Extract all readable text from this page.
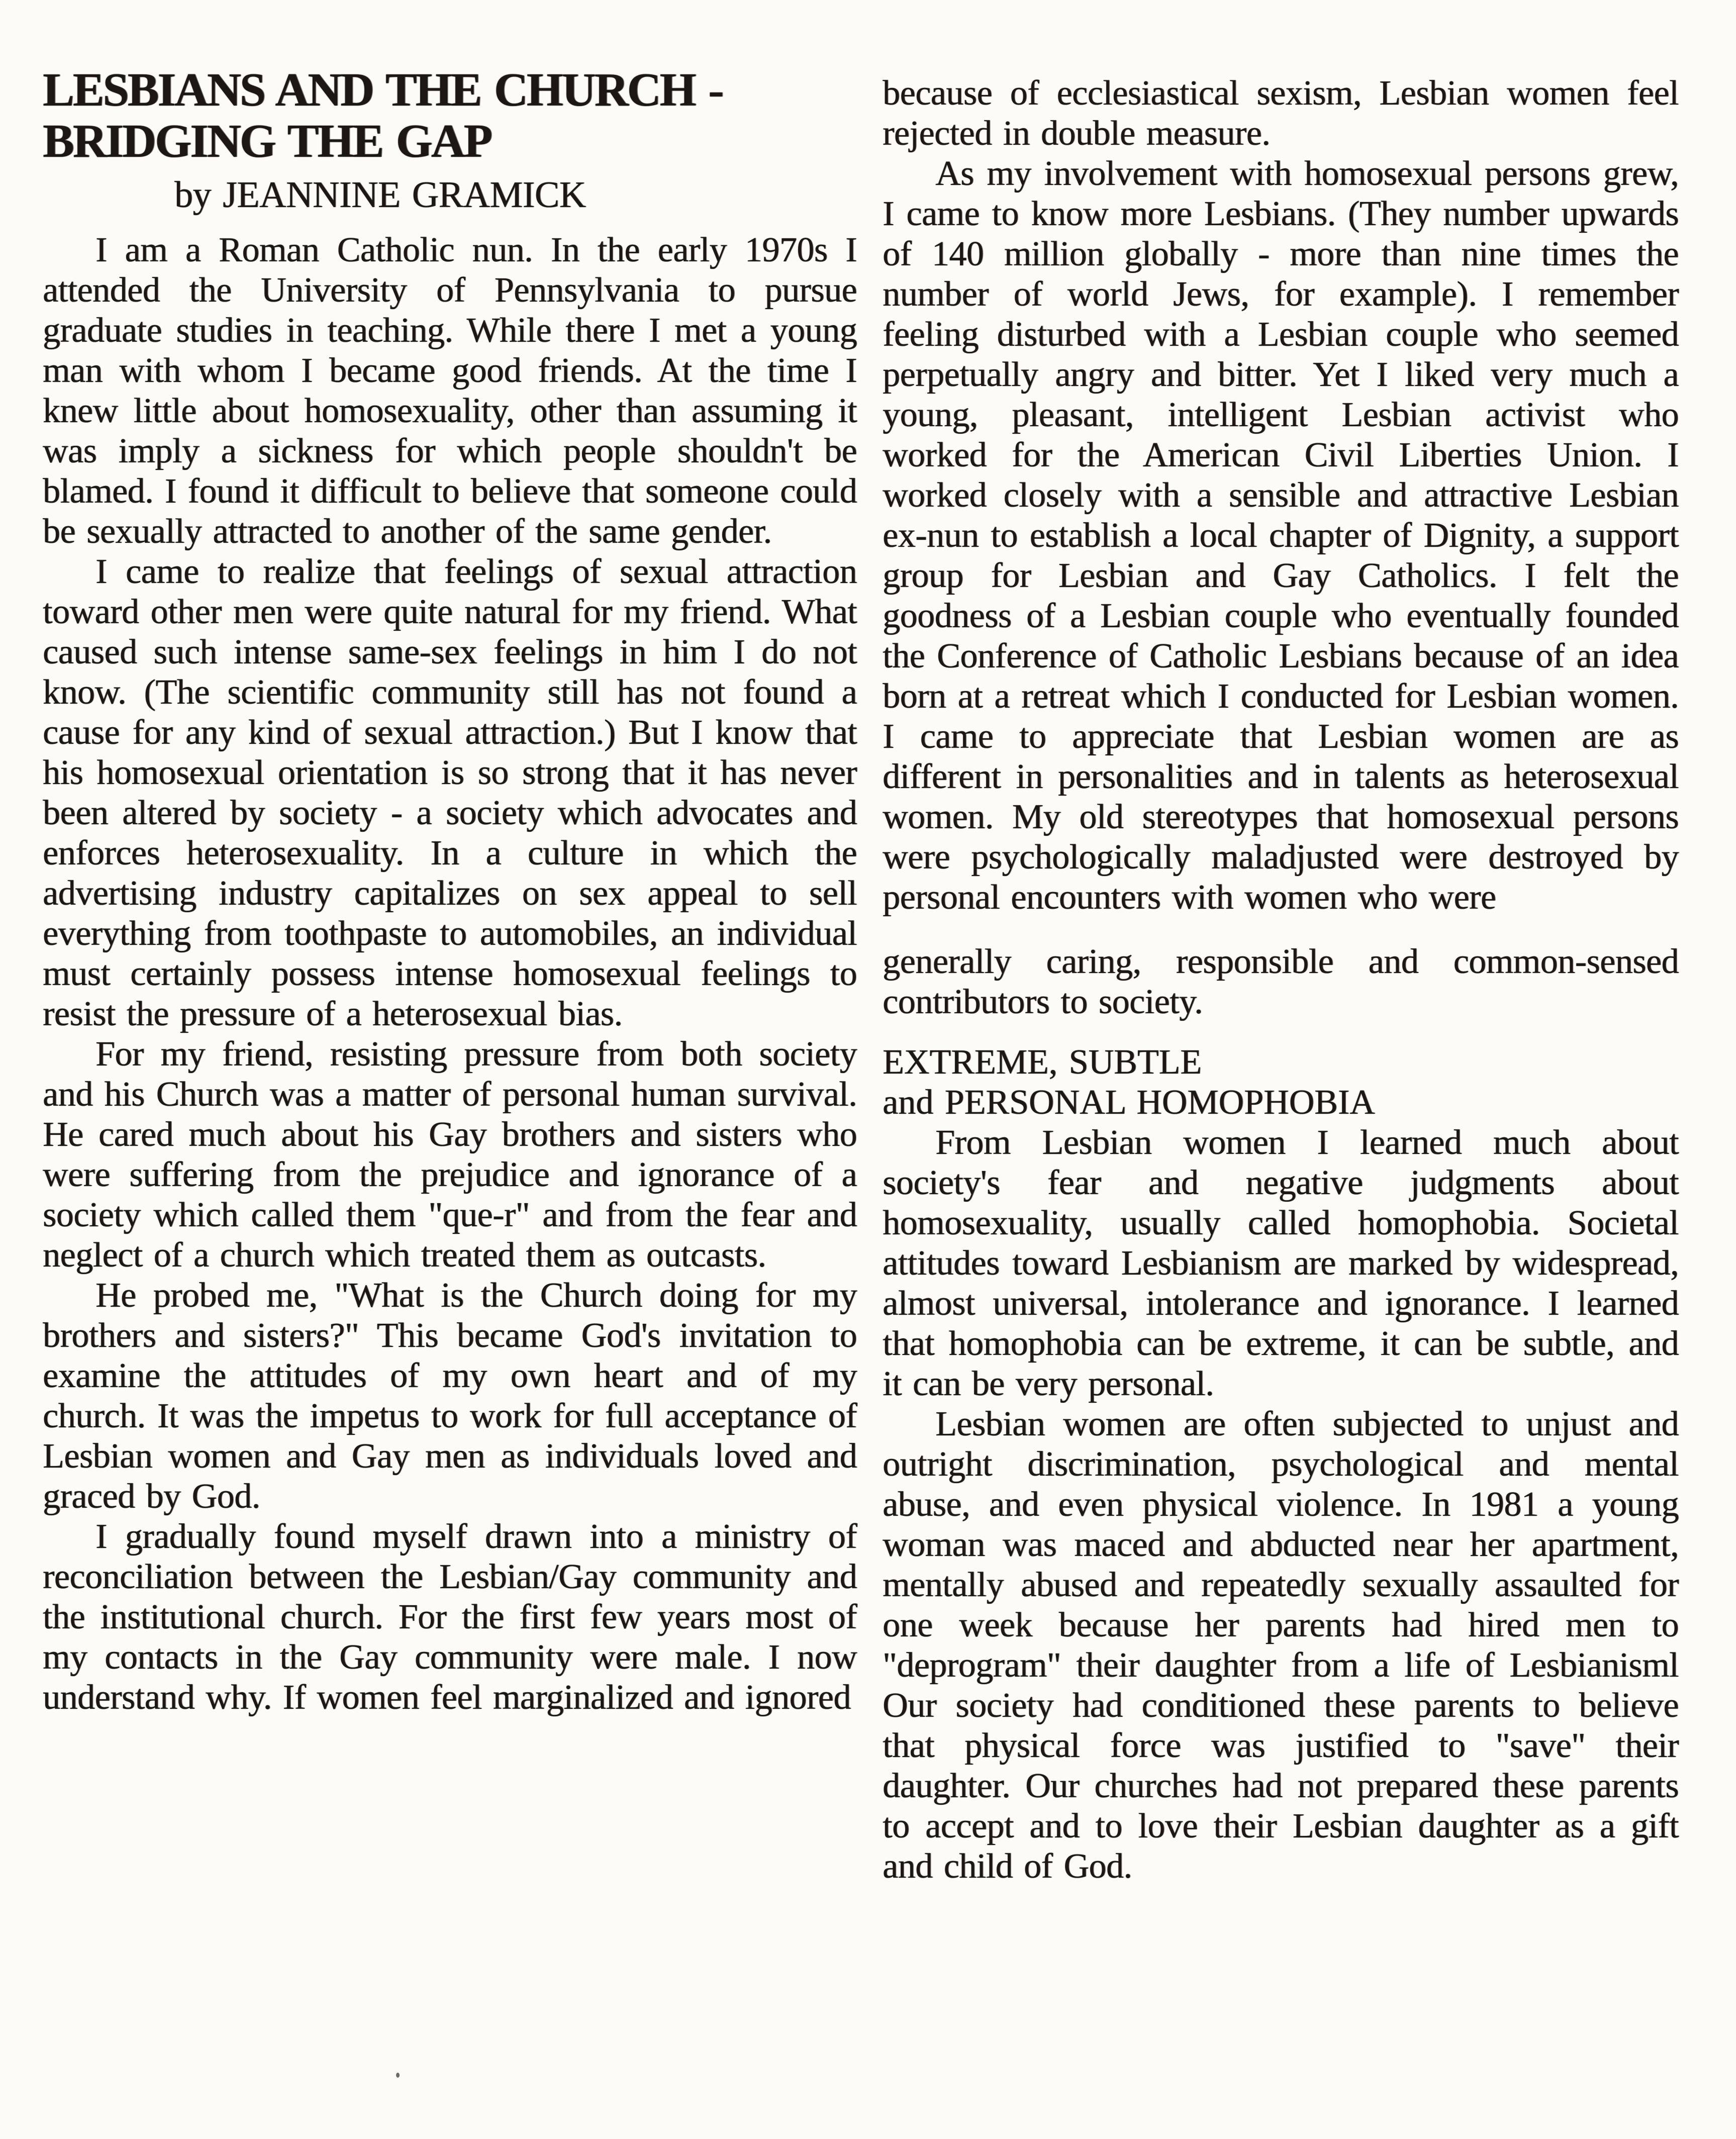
LESBIANS AND THE CHURCH -
BRIDGING THE GAP
by JEANNINE GRAMICK

I am a Roman Catholic nun. In the early 1970s I attended the University of Pennsylvania to pursue graduate studies in teaching. While there I met a young man with whom I became good friends. At the time I knew little about homosexuality, other than assuming it was imply a sickness for which people shouldn't be blamed. I found it difficult to believe that someone could be sexually attracted to another of the same gender.

I came to realize that feelings of sexual attraction toward other men were quite natural for my friend. What caused such intense same-sex feelings in him I do not know. (The scientific community still has not found a cause for any kind of sexual attraction.) But I know that his homosexual orientation is so strong that it has never been altered by society - a society which advocates and enforces heterosexuality. In a culture in which the advertising industry capitalizes on sex appeal to sell everything from toothpaste to automobiles, an individual must certainly possess intense homosexual feelings to resist the pressure of a heterosexual bias.

For my friend, resisting pressure from both society and his Church was a matter of personal human survival. He cared much about his Gay brothers and sisters who were suffering from the prejudice and ignorance of a society which called them "que-r" and from the fear and neglect of a church which treated them as outcasts.

He probed me, "What is the Church doing for my brothers and sisters?" This became God's invitation to examine the attitudes of my own heart and of my church. It was the impetus to work for full acceptance of Lesbian women and Gay men as individuals loved and graced by God.

I gradually found myself drawn into a ministry of reconciliation between the Lesbian/Gay community and the institutional church. For the first few years most of my contacts in the Gay community were male. I now understand why. If women feel marginalized and ignored

because of ecclesiastical sexism, Lesbian women feel rejected in double measure.

As my involvement with homosexual persons grew, I came to know more Lesbians. (They number upwards of 140 million globally - more than nine times the number of world Jews, for example). I remember feeling disturbed with a Lesbian couple who seemed perpetually angry and bitter. Yet I liked very much a young, pleasant, intelligent Lesbian activist who worked for the American Civil Liberties Union. I worked closely with a sensible and attractive Lesbian ex-nun to establish a local chapter of Dignity, a support group for Lesbian and Gay Catholics. I felt the goodness of a Lesbian couple who eventually founded the Conference of Catholic Lesbians because of an idea born at a retreat which I conducted for Lesbian women. I came to appreciate that Lesbian women are as different in personalities and in talents as heterosexual women. My old stereotypes that homosexual persons were psychologically maladjusted were destroyed by personal encounters with women who were

generally caring, responsible and common-sensed contributors to society.

EXTREME, SUBTLE
and PERSONAL HOMOPHOBIA

From Lesbian women I learned much about society's fear and negative judgments about homosexuality, usually called homophobia. Societal attitudes toward Lesbianism are marked by widespread, almost universal, intolerance and ignorance. I learned that homophobia can be extreme, it can be subtle, and it can be very personal.

Lesbian women are often subjected to unjust and outright discrimination, psychological and mental abuse, and even physical violence. In 1981 a young woman was maced and abducted near her apartment, mentally abused and repeatedly sexually assaulted for one week because her parents had hired men to "deprogram" their daughter from a life of Lesbianisml Our society had conditioned these parents to believe that physical force was justified to "save" their daughter. Our churches had not prepared these parents to accept and to love their Lesbian daughter as a gift and child of God.
